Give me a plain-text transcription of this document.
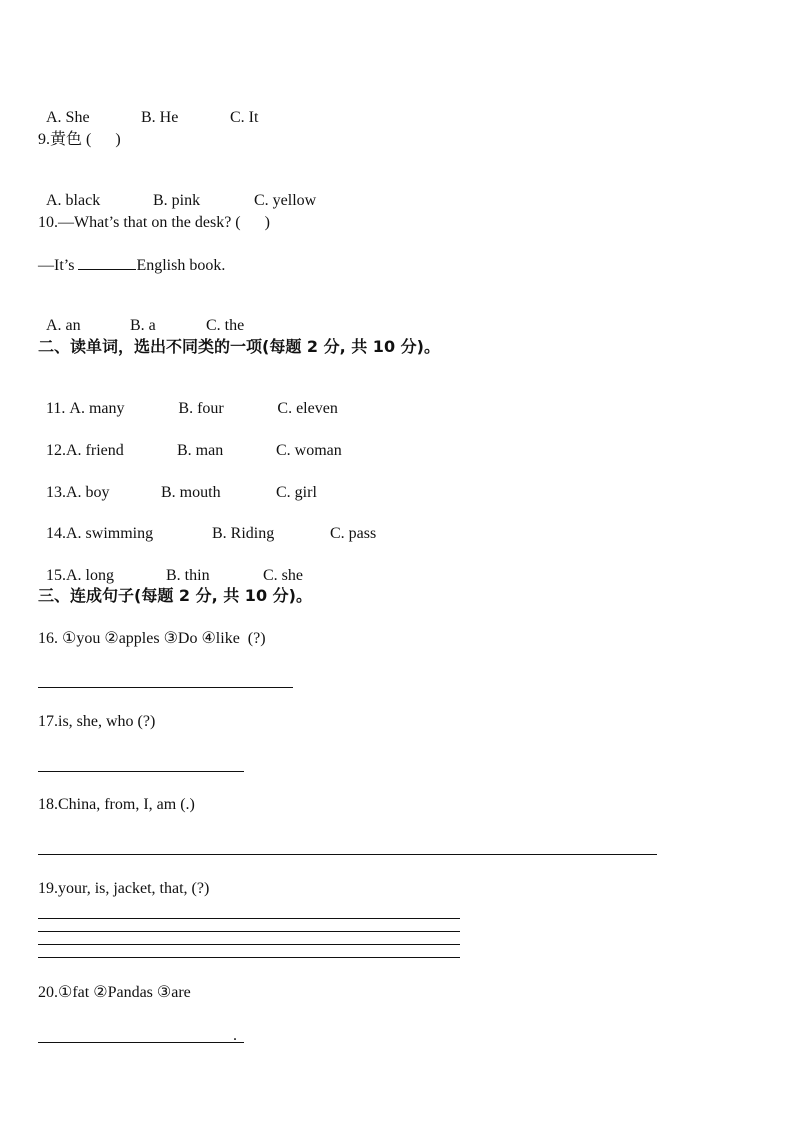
A. She	B. He	C. It

9.黄色 (      )

A. black	B. pink	C. yellow

10.—What’s that on the desk? (      )
—It’s	English book.

A. an	B. a	C. the

二、读单词，选出不同类的一项(每题 2 分, 共 10 分)。

11. A. many	B. four	C. eleven

12.A. friend	B. man	C. woman

13.A. boy	B. mouth	C. girl

14.A. swimming	B. Riding	C. pass

15.A. long	B. thin	C. she

三、连成句子(每题 2 分, 共 10 分)。
16. ①you ②apples ③Do ④like  (?)
17.is, she, who (?)
18.China, from, I, am (.)
19.your, is, jacket, that, (?)
20.①fat ②Pandas ③are
.
